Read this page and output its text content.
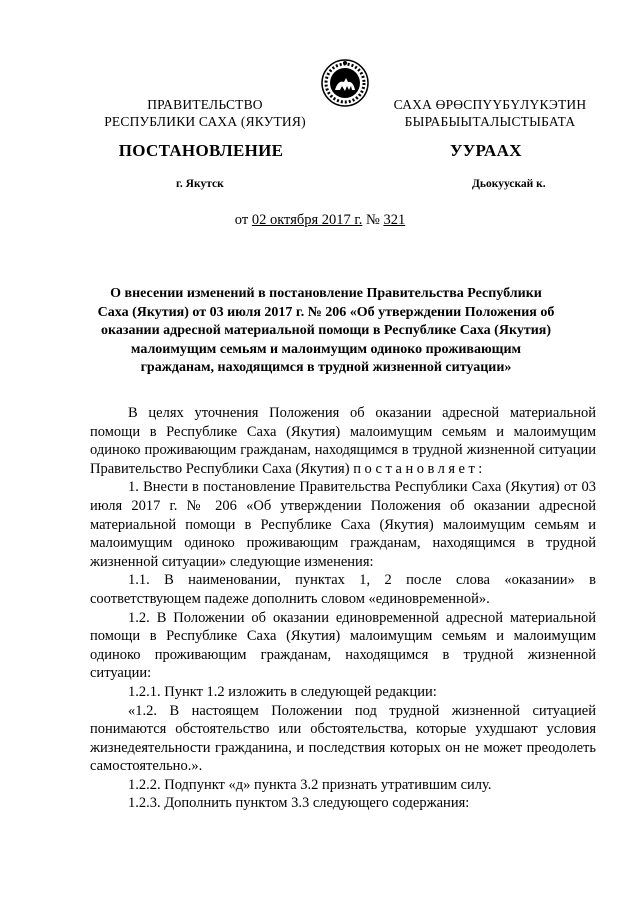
ПРАВИТЕЛЬСТВО
РЕСПУБЛИКИ САХА (ЯКУТИЯ)
САХА ӨРӨСПҮҮБҮЛҮКЭТИН
БЫРАБЫЫТАЛЫСТЫБАТА
ПОСТАНОВЛЕНИЕ	УУРААХ
г. Якутск	Дьокуускай к.
от 02 октября 2017 г. № 321
О внесении изменений в постановление Правительства Республики Саха (Якутия) от 03 июля 2017 г. № 206 «Об утверждении Положения об оказании адресной материальной помощи в Республике Саха (Якутия) малоимущим семьям и малоимущим одиноко проживающим гражданам, находящимся в трудной жизненной ситуации»

В целях уточнения Положения об оказании адресной материальной помощи в Республике Саха (Якутия) малоимущим семьям и малоимущим одиноко проживающим гражданам, находящимся в трудной жизненной ситуации Правительство Республики Саха (Якутия) постановляет:

1. Внести в постановление Правительства Республики Саха (Якутия) от 03 июля 2017 г. № 206 «Об утверждении Положения об оказании адресной материальной помощи в Республике Саха (Якутия) малоимущим семьям и малоимущим одиноко проживающим гражданам, находящимся в трудной жизненной ситуации» следующие изменения:

1.1. В наименовании, пунктах 1, 2 после слова «оказании» в соответствующем падеже дополнить словом «единовременной».

1.2. В Положении об оказании единовременной адресной материальной помощи в Республике Саха (Якутия) малоимущим семьям и малоимущим одиноко проживающим гражданам, находящимся в трудной жизненной ситуации:

1.2.1. Пункт 1.2 изложить в следующей редакции:

«1.2. В настоящем Положении под трудной жизненной ситуацией понимаются обстоятельство или обстоятельства, которые ухудшают условия жизнедеятельности гражданина, и последствия которых он не может преодолеть самостоятельно.».

1.2.2. Подпункт «д» пункта 3.2 признать утратившим силу.

1.2.3. Дополнить пунктом 3.3 следующего содержания:
